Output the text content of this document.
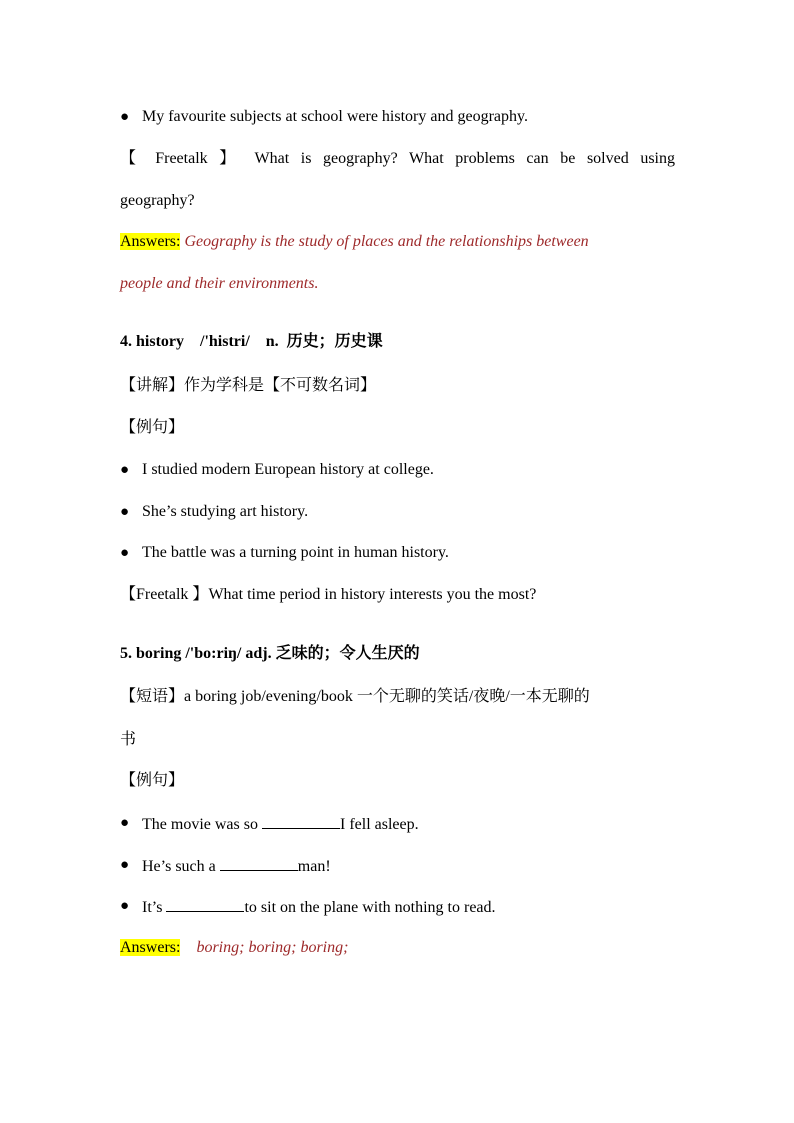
● My favourite subjects at school were history and geography.
【 Freetalk 】 What is geography? What problems can be solved using
geography?
Answers: Geography is the study of places and the relationships between
people and their environments.
4. history    /'histri/    n.  历史；历史课
【讲解】作为学科是【不可数名词】
【例句】
● I studied modern European history at college.
● She’s studying art history.
● The battle was a turning point in human history.
【Freetalk 】What time period in history interests you the most?
5. boring /'bo:riŋ/ adj. 乏味的；令人生厌的
【短语】a boring job/evening/book 一个无聊的笑话/夜晚/一本无聊的
书
【例句】
● The movie was so	I fell asleep.
● He’s such a	man!
● It’s	to sit on the plane with nothing to read.
Answers: boring; boring; boring;
